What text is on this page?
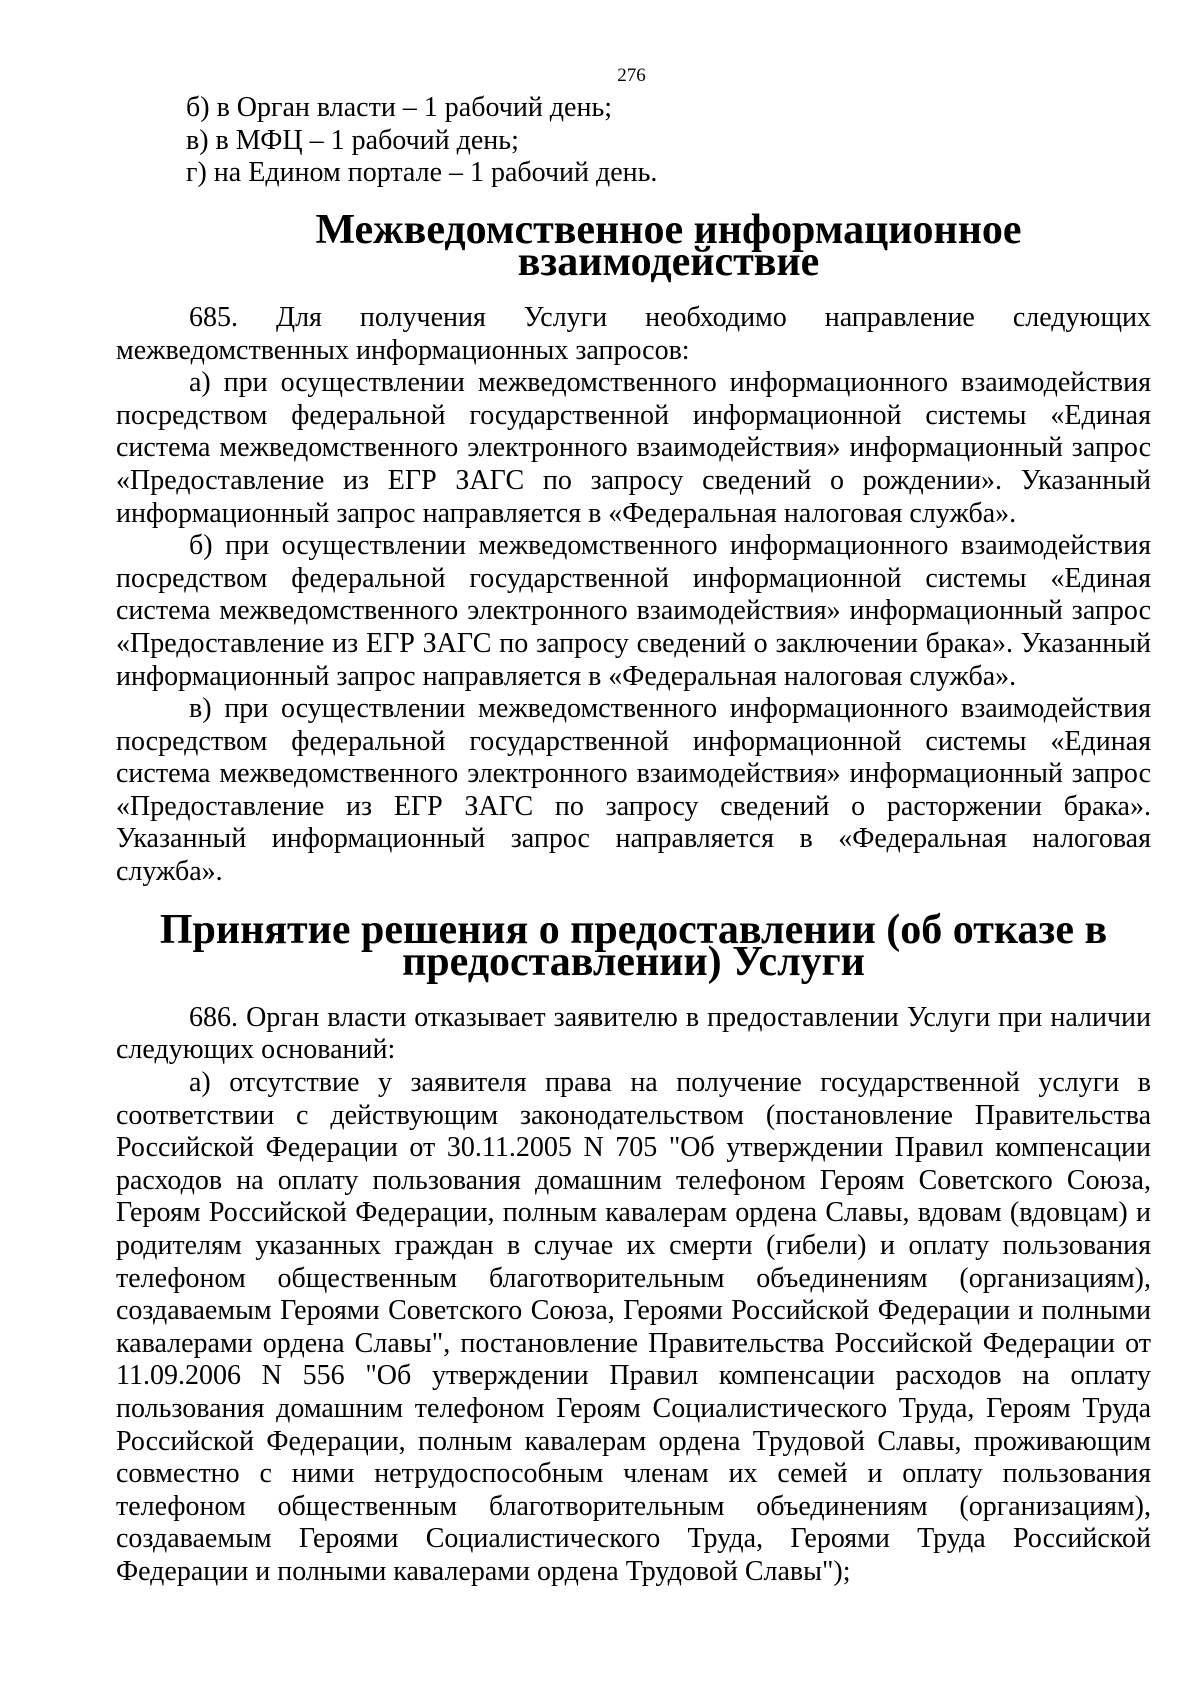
276

б) в Орган власти – 1 рабочий день;

в) в МФЦ – 1 рабочий день;

г) на Едином портале – 1 рабочий день.

Межведомственное информационное взаимодействие

685. Для получения Услуги необходимо направление следующих межведомственных информационных запросов:

а) при осуществлении межведомственного информационного взаимодействия посредством федеральной государственной информационной системы «Единая система межведомственного электронного взаимодействия» информационный запрос «Предоставление из ЕГР ЗАГС по запросу сведений о рождении». Указанный информационный запрос направляется в «Федеральная налоговая служба».

б) при осуществлении межведомственного информационного взаимодействия посредством федеральной государственной информационной системы «Единая система межведомственного электронного взаимодействия» информационный запрос «Предоставление из ЕГР ЗАГС по запросу сведений о заключении брака». Указанный информационный запрос направляется в «Федеральная налоговая служба».

в) при осуществлении межведомственного информационного взаимодействия посредством федеральной государственной информационной системы «Единая система межведомственного электронного взаимодействия» информационный запрос «Предоставление из ЕГР ЗАГС по запросу сведений о расторжении брака». Указанный информационный запрос направляется в «Федеральная налоговая служба».

Принятие решения о предоставлении (об отказе в предоставлении) Услуги

686. Орган власти отказывает заявителю в предоставлении Услуги при наличии следующих оснований:

а) отсутствие у заявителя права на получение государственной услуги в соответствии с действующим законодательством (постановление Правительства Российской Федерации от 30.11.2005 N 705 "Об утверждении Правил компенсации расходов на оплату пользования домашним телефоном Героям Советского Союза, Героям Российской Федерации, полным кавалерам ордена Славы, вдовам (вдовцам) и родителям указанных граждан в случае их смерти (гибели) и оплату пользования телефоном общественным благотворительным объединениям (организациям), создаваемым Героями Советского Союза, Героями Российской Федерации и полными кавалерами ордена Славы", постановление Правительства Российской Федерации от 11.09.2006 N 556 "Об утверждении Правил компенсации расходов на оплату пользования домашним телефоном Героям Социалистического Труда, Героям Труда Российской Федерации, полным кавалерам ордена Трудовой Славы, проживающим совместно с ними нетрудоспособным членам их семей и оплату пользования телефоном общественным благотворительным объединениям (организациям), создаваемым Героями Социалистического Труда, Героями Труда Российской Федерации и полными кавалерами ордена Трудовой Славы");
